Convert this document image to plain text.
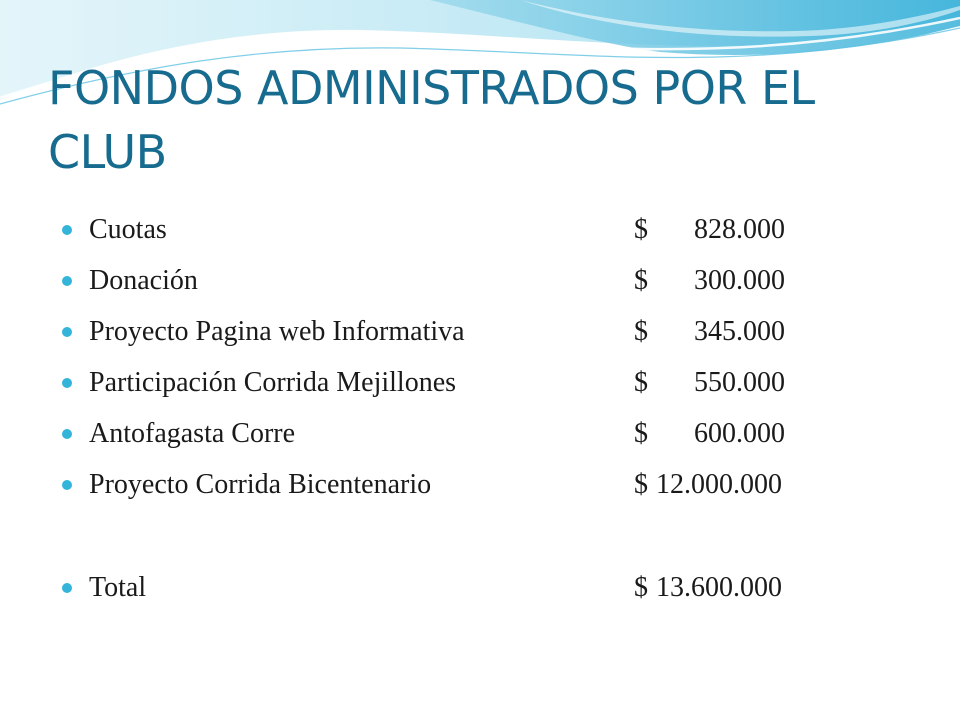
FONDOS ADMINISTRADOS POR EL CLUB
Cuotas	$ 828.000
Donación	$ 300.000
Proyecto Pagina web Informativa	$ 345.000
Participación Corrida Mejillones	$ 550.000
Antofagasta Corre	$ 600.000
Proyecto Corrida Bicentenario	$ 12.000.000
Total	$ 13.600.000
